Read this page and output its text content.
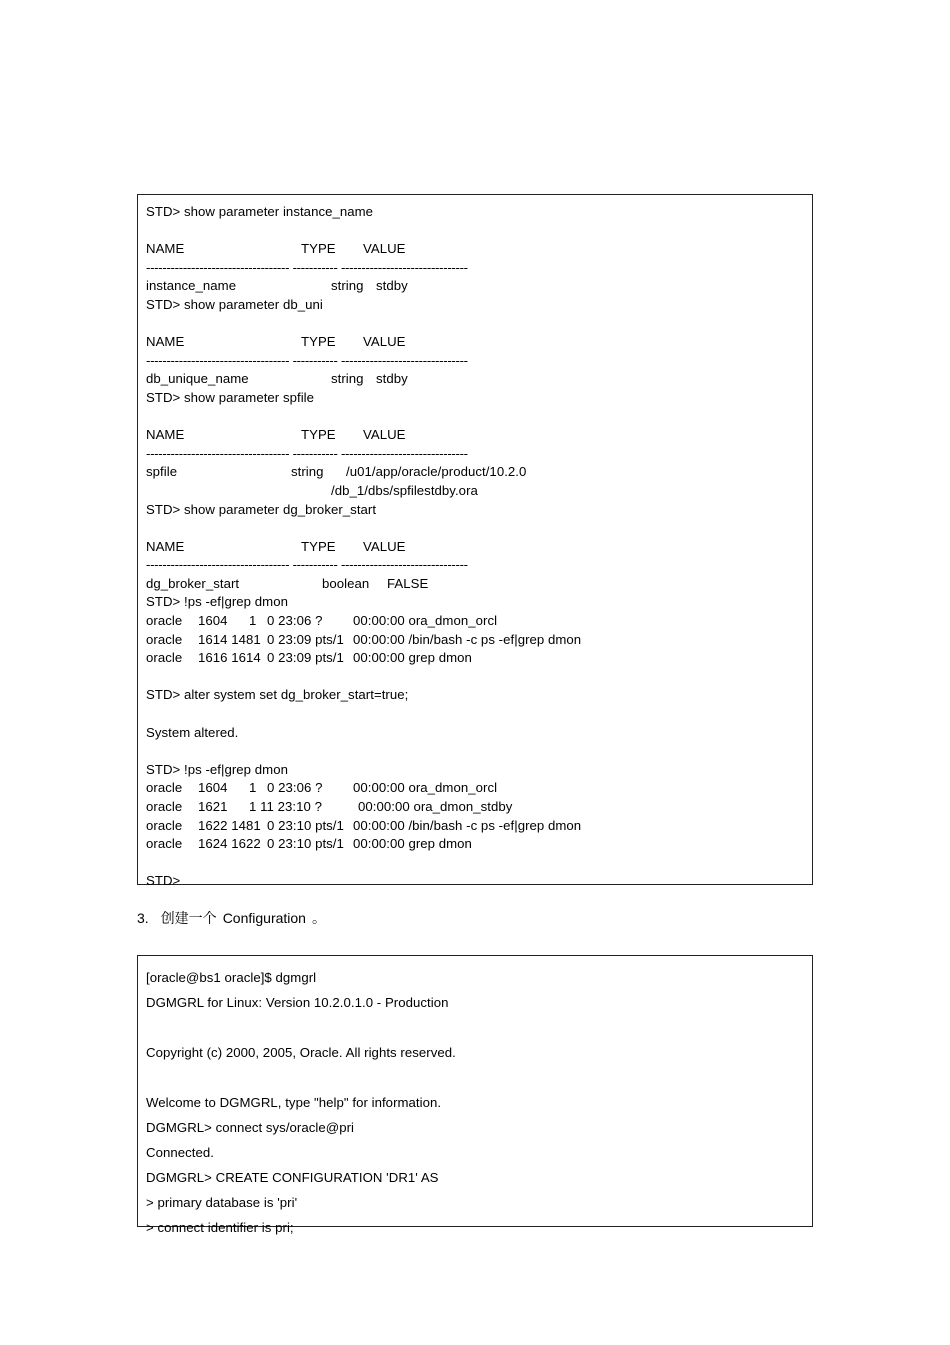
STD> show parameter instance_name
NAME	TYPE VALUE
----------------------------------- ----------- -------------------------------
instance_name	string stdby
STD> show parameter db_uni
NAME	TYPE VALUE
----------------------------------- ----------- -------------------------------
db_unique_name	string stdby
STD> show parameter spfile
NAME	TYPE VALUE
----------------------------------- ----------- -------------------------------
spfile	string /u01/app/oracle/product/10.2.0
/db_1/dbs/spfilestdby.ora
STD> show parameter dg_broker_start
NAME	TYPE VALUE
----------------------------------- ----------- -------------------------------
dg_broker_start	boolean FALSE
STD> !ps -ef|grep dmon
oracle 1604 1 0 23:06 ? 00:00:00 ora_dmon_orcl
oracle 1614 1481 0 23:09 pts/1 00:00:00 /bin/bash -c ps -ef|grep dmon
oracle 1616 1614 0 23:09 pts/1 00:00:00 grep dmon
STD> alter system set dg_broker_start=true;
System altered.
STD> !ps -ef|grep dmon
oracle 1604 1 0 23:06 ? 00:00:00 ora_dmon_orcl
oracle 1621 1 11 23:10 ?	00:00:00 ora_dmon_stdby
oracle 1622 1481 0 23:10 pts/1 00:00:00 /bin/bash -c ps -ef|grep dmon
oracle 1624 1622 0 23:10 pts/1 00:00:00 grep dmon
STD>
3. 创建一个 Configuration 。
[oracle@bs1 oracle]$ dgmgrl
DGMGRL for Linux: Version 10.2.0.1.0 - Production
Copyright (c) 2000, 2005, Oracle. All rights reserved.
Welcome to DGMGRL, type "help" for information.
DGMGRL> connect sys/oracle@pri
Connected.
DGMGRL> CREATE CONFIGURATION 'DR1' AS
> primary database is 'pri'
> connect identifier is pri;
